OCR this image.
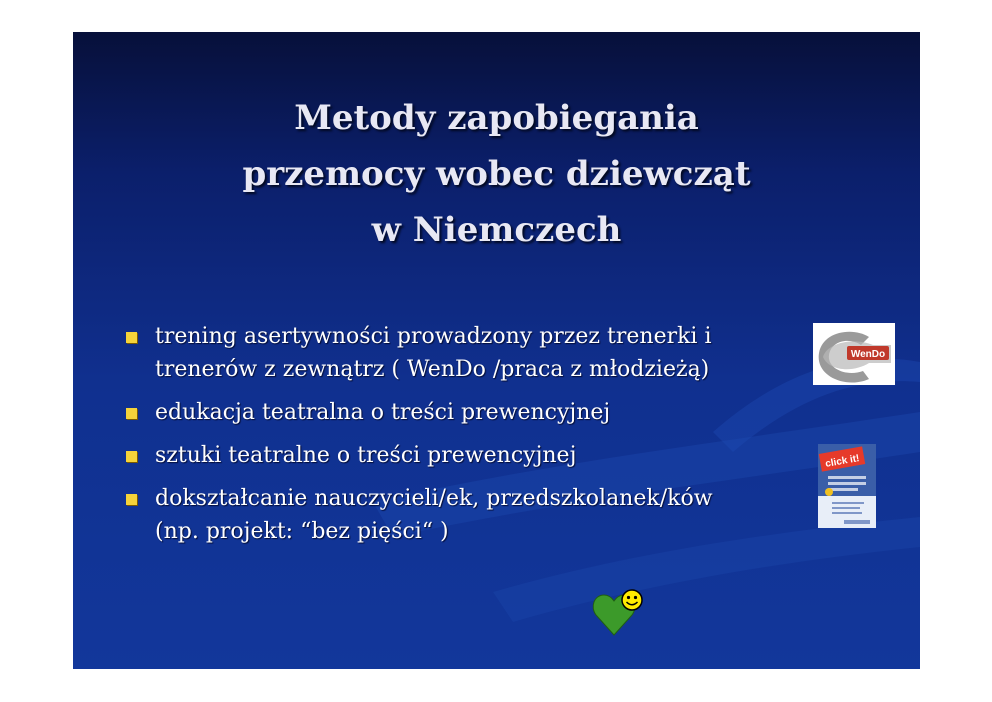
Metody zapobiegania
przemocy wobec dziewcząt
w Niemczech
trening asertywności prowadzony przez trenerki i
trenerów z zewnątrz ( WenDo /praca z młodzieżą)
edukacja teatralna o treści prewencyjnej
sztuki teatralne o treści prewencyjnej
dokształcanie nauczycieli/ek, przedszkolanek/ków
(np. projekt: “bez pięści“ )
WenDo
click it!
